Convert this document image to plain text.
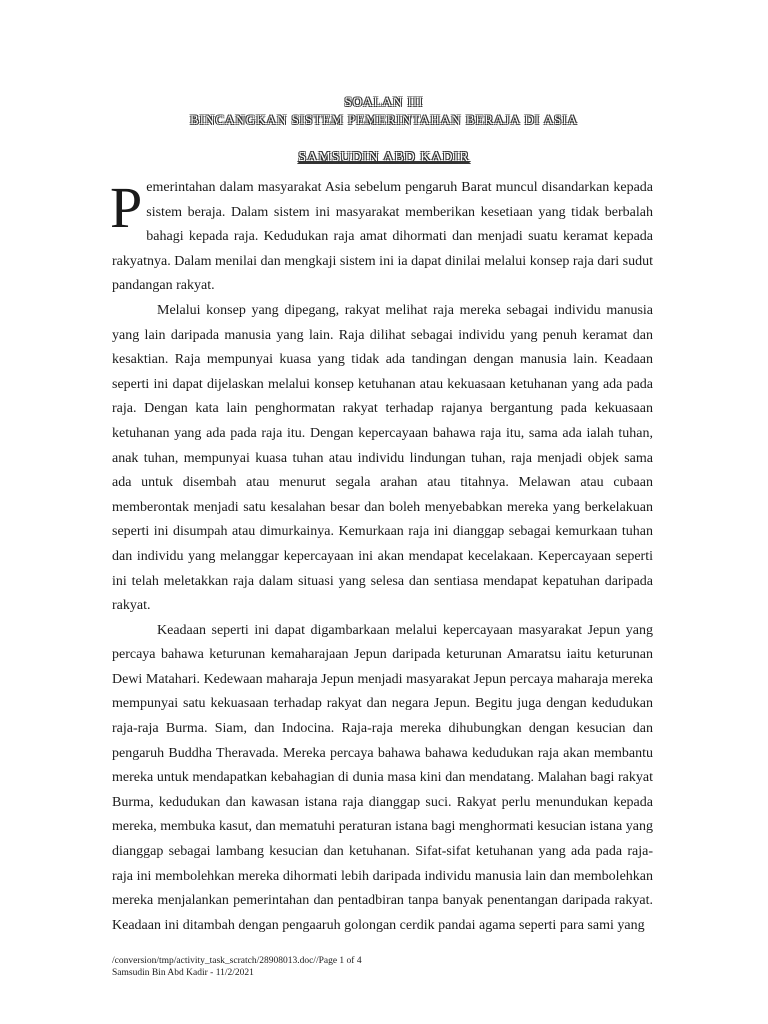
SOALAN III
BINCANGKAN SISTEM PEMERINTAHAN BERAJA DI ASIA
SAMSUDIN ABD KADIR

Pemerintahan dalam masyarakat Asia sebelum pengaruh Barat muncul disandarkan kepada sistem beraja. Dalam sistem ini masyarakat memberikan kesetiaan yang tidak berbalah bahagi kepada raja. Kedudukan raja amat dihormati dan menjadi suatu keramat kepada rakyatnya. Dalam menilai dan mengkaji sistem ini ia dapat dinilai melalui konsep raja dari sudut pandangan rakyat.

Melalui konsep yang dipegang, rakyat melihat raja mereka sebagai individu manusia yang lain daripada manusia yang lain. Raja dilihat sebagai individu yang penuh keramat dan kesaktian. Raja mempunyai kuasa yang tidak ada tandingan dengan manusia lain. Keadaan seperti ini dapat dijelaskan melalui konsep ketuhanan atau kekuasaan ketuhanan yang ada pada raja. Dengan kata lain penghormatan rakyat terhadap rajanya bergantung pada kekuasaan ketuhanan yang ada pada raja itu. Dengan kepercayaan bahawa raja itu, sama ada ialah tuhan, anak tuhan, mempunyai kuasa tuhan atau individu lindungan tuhan, raja menjadi objek sama ada untuk disembah atau menurut segala arahan atau titahnya. Melawan atau cubaan memberontak menjadi satu kesalahan besar dan boleh menyebabkan mereka yang berkelakuan seperti ini disumpah atau dimurkainya. Kemurkaan raja ini dianggap sebagai kemurkaan tuhan dan individu yang melanggar kepercayaan ini akan mendapat kecelakaan. Kepercayaan seperti ini telah meletakkan raja dalam situasi yang selesa dan sentiasa mendapat kepatuhan daripada rakyat.

Keadaan seperti ini dapat digambarkaan melalui kepercayaan masyarakat Jepun yang percaya bahawa keturunan kemaharajaan Jepun daripada keturunan Amaratsu iaitu keturunan Dewi Matahari. Kedewaan maharaja Jepun menjadi masyarakat Jepun percaya maharaja mereka mempunyai satu kekuasaan terhadap rakyat dan negara Jepun. Begitu juga dengan kedudukan raja-raja Burma. Siam, dan Indocina. Raja-raja mereka dihubungkan dengan kesucian dan pengaruh Buddha Theravada. Mereka percaya bahawa bahawa kedudukan raja akan membantu mereka untuk mendapatkan kebahagian di dunia masa kini dan mendatang. Malahan bagi rakyat Burma, kedudukan dan kawasan istana raja dianggap suci. Rakyat perlu menundukan kepada mereka, membuka kasut, dan mematuhi peraturan istana bagi menghormati kesucian istana yang dianggap sebagai lambang kesucian dan ketuhanan. Sifat-sifat ketuhanan yang ada pada raja-raja ini membolehkan mereka dihormati lebih daripada individu manusia lain dan membolehkan mereka menjalankan pemerintahan dan pentadbiran tanpa banyak penentangan daripada rakyat. Keadaan ini ditambah dengan pengaaruh golongan cerdik pandai agama seperti para sami yang

/conversion/tmp/activity_task_scratch/28908013.doc//Page 1 of 4
Samsudin Bin Abd Kadir - 11/2/2021
